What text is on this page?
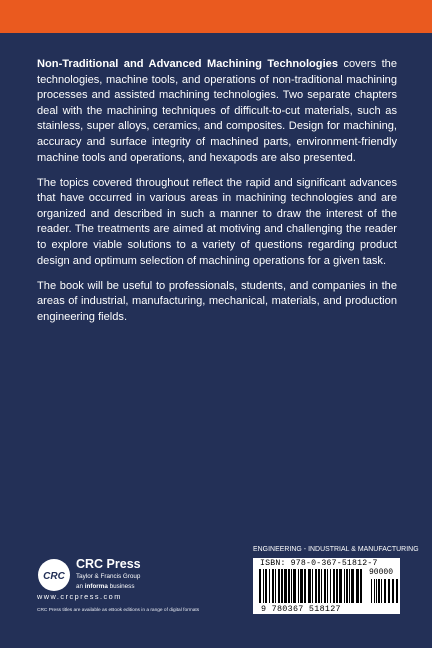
Non-Traditional and Advanced Machining Technologies covers the technologies, machine tools, and operations of non-traditional machining processes and assisted machining technologies. Two separate chapters deal with the machining techniques of difficult-to-cut materials, such as stainless, super alloys, ceramics, and composites. Design for machining, accuracy and surface integrity of machined parts, environment-friendly machine tools and operations, and hexapods are also presented.

The topics covered throughout reflect the rapid and significant advances that have occurred in various areas in machining technologies and are organized and described in such a manner to draw the interest of the reader. The treatments are aimed at motiving and challenging the reader to explore viable solutions to a variety of questions regarding product design and optimum selection of machining operations for a given task.

The book will be useful to professionals, students, and companies in the areas of industrial, manufacturing, mechanical, materials, and production engineering fields.

CRC
CRC Press
Taylor & Francis Group
an informa business
www.crcpress.com
CRC Press titles are available as eBook editions in a range of digital formats
ENGINEERING - INDUSTRIAL & MANUFACTURING
ISBN: 978-0-367-51812-7
90000
9 780367 518127
